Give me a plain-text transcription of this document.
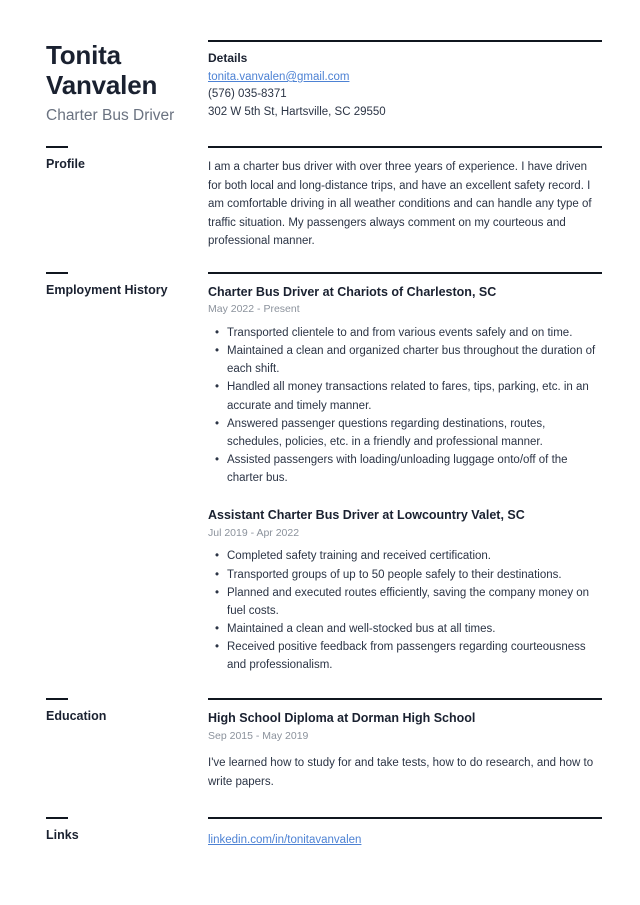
Tonita Vanvalen
Charter Bus Driver
Details
tonita.vanvalen@gmail.com
(576) 035-8371
302 W 5th St, Hartsville, SC 29550
Profile	I am a charter bus driver with over three years of experience. I have driven for both local and long-distance trips, and have an excellent safety record. I am comfortable driving in all weather conditions and can handle any type of traffic situation. My passengers always comment on my courteous and professional manner.

Employment History	Charter Bus Driver at Chariots of Charleston, SC
May 2022 - Present
• Transported clientele to and from various events safely and on time.
• Maintained a clean and organized charter bus throughout the duration of each shift.
• Handled all money transactions related to fares, tips, parking, etc. in an accurate and timely manner.
• Answered passenger questions regarding destinations, routes, schedules, policies, etc. in a friendly and professional manner.
• Assisted passengers with loading/unloading luggage onto/off of the charter bus.
Assistant Charter Bus Driver at Lowcountry Valet, SC
Jul 2019 - Apr 2022
• Completed safety training and received certification.
• Transported groups of up to 50 people safely to their destinations.
• Planned and executed routes efficiently, saving the company money on fuel costs.
• Maintained a clean and well-stocked bus at all times.
• Received positive feedback from passengers regarding courteousness and professionalism.
Education	High School Diploma at Dorman High School
Sep 2015 - May 2019

I've learned how to study for and take tests, how to do research, and how to write papers.

Links	linkedin.com/in/tonitavanvalen
